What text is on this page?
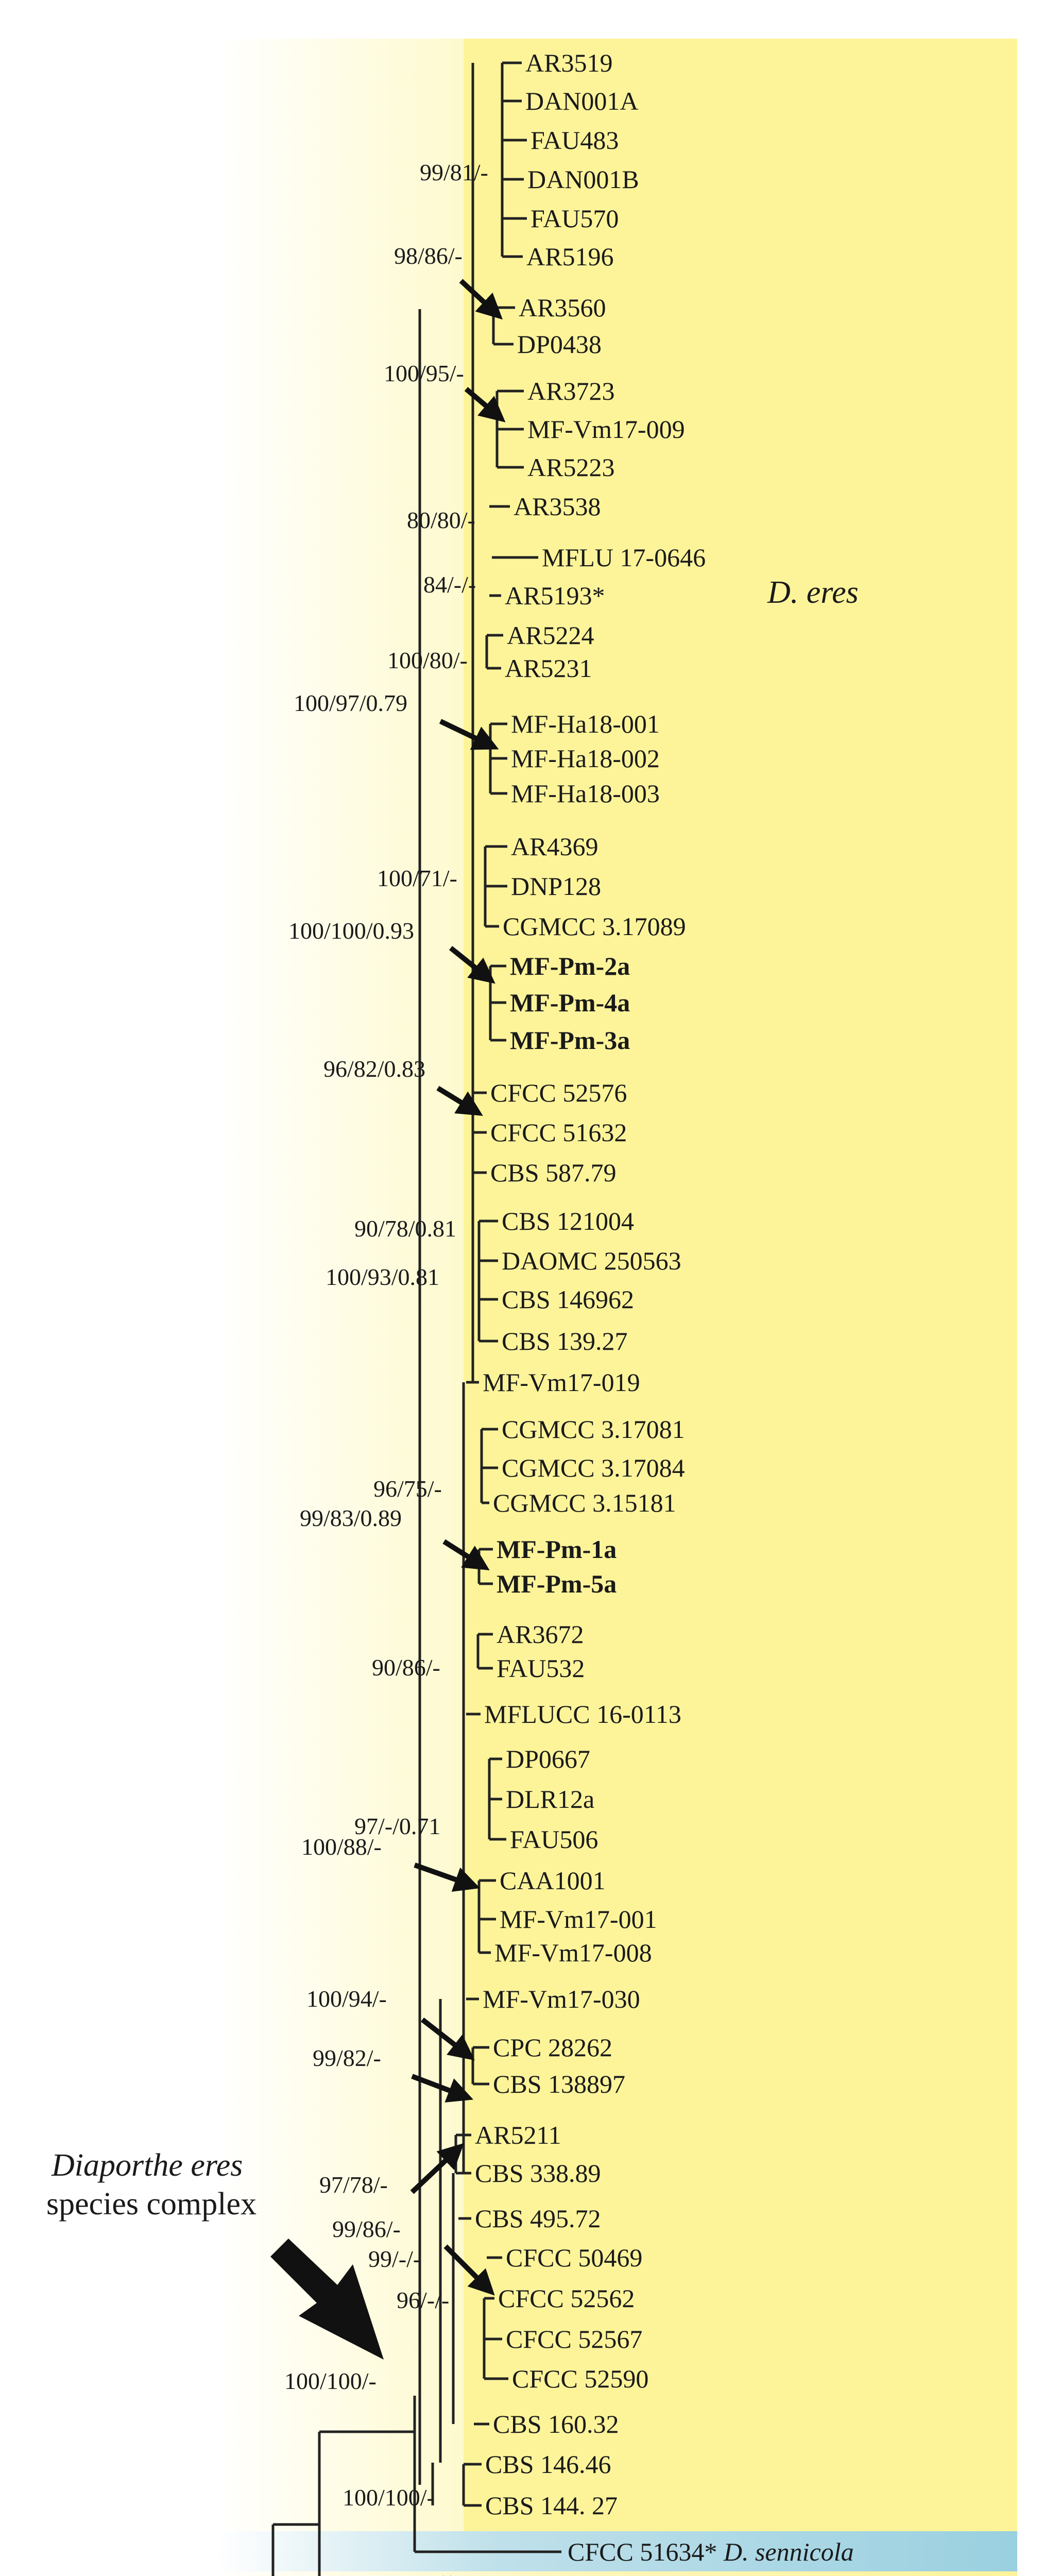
AR3519
DAN001A
FAU483
DAN001B
FAU570
AR5196
AR3560
DP0438
AR3723
MF-Vm17-009
AR5223
AR3538
MFLU 17-0646
AR5193*
AR5224
AR5231
MF-Ha18-001
MF-Ha18-002
MF-Ha18-003
AR4369
DNP128
CGMCC 3.17089
MF-Pm-2a
MF-Pm-4a
MF-Pm-3a
CFCC 52576
CFCC 51632
CBS 587.79
CBS 121004
DAOMC 250563
CBS 146962
CBS 139.27
MF-Vm17-019
CGMCC 3.17081
CGMCC 3.17084
CGMCC 3.15181
MF-Pm-1a
MF-Pm-5a
AR3672
FAU532
MFLUCC 16-0113
DP0667
DLR12a
FAU506
CAA1001
MF-Vm17-001
MF-Vm17-008
MF-Vm17-030
CPC 28262
CBS 138897
AR5211
CBS 338.89
CBS 495.72
CFCC 50469
CFCC 52562
CFCC 52567
CFCC 52590
CBS 160.32
CBS 146.46
CBS 144. 27
CFCC 51634* D. sennicola
99/81/-
98/86/-
100/95/-
80/80/-
84/-/-
100/80/-
100/97/0.79
100/71/-
100/100/0.93
96/82/0.83
90/78/0.81
100/93/0.81
96/75/-
99/83/0.89
90/86/-
97/-/0.71
100/88/-
100/94/-
99/82/-
97/78/-
99/86/-
99/-/-
96/-/-
100/100/-
100/100/-
D. eres
Diaporthe eres
species complex
